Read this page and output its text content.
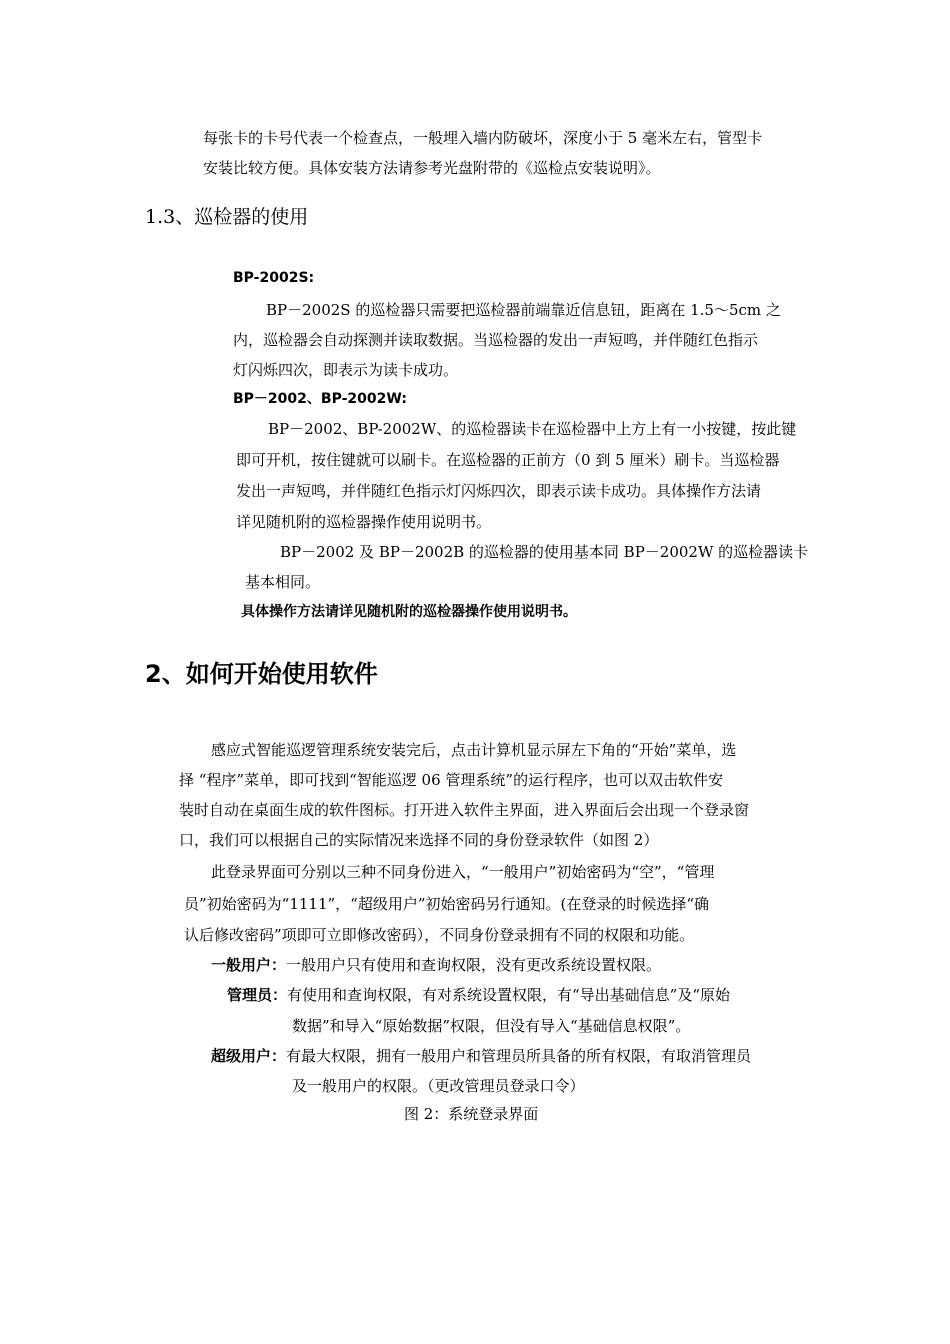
每张卡的卡号代表一个检查点，一般埋入墙内防破坏，深度小于 5 毫米左右，管型卡
安装比较方便。具体安装方法请参考光盘附带的《巡检点安装说明》。
1.3、巡检器的使用
BP-2002S:
BP－2002S 的巡检器只需要把巡检器前端靠近信息钮，距离在 1.5～5cm 之
内，巡检器会自动探测并读取数据。当巡检器的发出一声短鸣，并伴随红色指示
灯闪烁四次，即表示为读卡成功。
BP－2002、BP-2002W:
BP－2002、BP-2002W、的巡检器读卡在巡检器中上方上有一小按键，按此键
即可开机，按住键就可以刷卡。在巡检器的正前方（0 到 5 厘米）刷卡。当巡检器
发出一声短鸣，并伴随红色指示灯闪烁四次，即表示读卡成功。具体操作方法请
详见随机附的巡检器操作使用说明书。
BP－2002 及 BP－2002B 的巡检器的使用基本同 BP－2002W 的巡检器读卡
基本相同。
具体操作方法请详见随机附的巡检器操作使用说明书。
2、如何开始使用软件
感应式智能巡逻管理系统安装完后，点击计算机显示屏左下角的“开始”菜单，选
择 “程序”菜单，即可找到“智能巡逻 06 管理系统”的运行程序，也可以双击软件安
装时自动在桌面生成的软件图标。打开进入软件主界面，进入界面后会出现一个登录窗
口，我们可以根据自己的实际情况来选择不同的身份登录软件（如图 2）
此登录界面可分别以三种不同身份进入，“一般用户”初始密码为“空”，“管理
员”初始密码为“1111”，“超级用户”初始密码另行通知。(在登录的时候选择“确
认后修改密码”项即可立即修改密码），不同身份登录拥有不同的权限和功能。
一般用户：一般用户只有使用和查询权限，没有更改系统设置权限。
管理员：有使用和查询权限，有对系统设置权限，有“导出基础信息”及“原始
数据”和导入“原始数据”权限，但没有导入“基础信息权限”。
超级用户：有最大权限，拥有一般用户和管理员所具备的所有权限，有取消管理员
及一般用户的权限。（更改管理员登录口令）
图 2：系统登录界面
